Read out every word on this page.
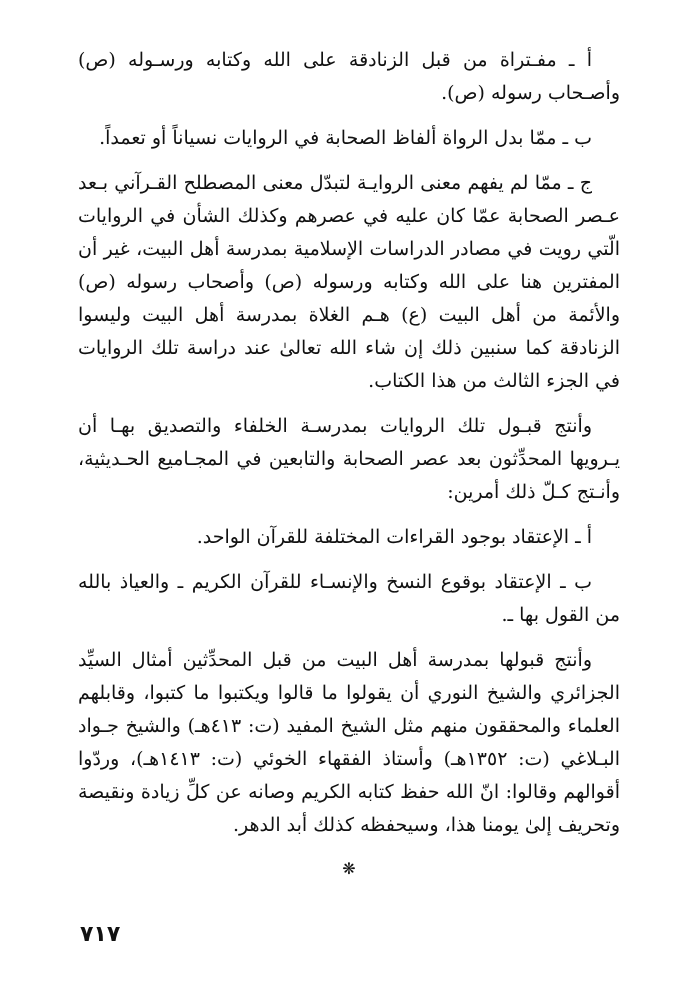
أ ـ مفـتراة من قبل الزنادقة على الله وكتابه ورسـوله (ص) وأصـحاب رسوله (ص).

ب ـ ممّا بدل الرواة ألفاظ الصحابة في الروايات نسياناً أو تعمداً.

ج ـ ممّا لم يفهم معنى الروايـة لتبدّل معنى المصطلح القـرآني بـعد عـصر الصحابة عمّا كان عليه في عصرهم وكذلك الشأن في الروايات الّتي رويت في مصادر الدراسات الإسلامية بمدرسة أهل البيت، غير أن المفترين هنا على الله وكتابه ورسوله (ص) وأصحاب رسوله (ص) والأئمة من أهل البيت (ع) هـم الغلاة بمدرسة أهل البيت وليسوا الزنادقة كما سنبين ذلك إن شاء الله تعالىٰ عند دراسة تلك الروايات في الجزء الثالث من هذا الكتاب.

وأنتج قبـول تلك الروايات بمدرسـة الخلفاء والتصديق بهـا أن يـرويها المحدِّثون بعد عصر الصحابة والتابعين في المجـاميع الحـديثية، وأنـتج كـلّ ذلك أمرين:

أ ـ الإعتقاد بوجود القراءات المختلفة للقرآن الواحد.

ب ـ الإعتقاد بوقوع النسخ والإنسـاء للقرآن الكريم ـ والعياذ بالله من القول بها ـ.

وأنتج قبولها بمدرسة أهل البيت من قبل المحدِّثين أمثال السيِّد الجزائري والشيخ النوري أن يقولوا ما قالوا ويكتبوا ما كتبوا، وقابلهم العلماء والمحققون منهم مثل الشيخ المفيد (ت: ٤١٣هـ) والشيخ جـواد البـلاغي (ت: ١٣٥٢هـ) وأستاذ الفقهاء الخوئي (ت: ١٤١٣هـ)، وردّوا أقوالهم وقالوا: انّ الله حفظ كتابه الكريم وصانه عن كلِّ زيادة ونقيصة وتحريف إلىٰ يومنا هذا، وسيحفظه كذلك أبد الدهر.

❋

٧١٧
